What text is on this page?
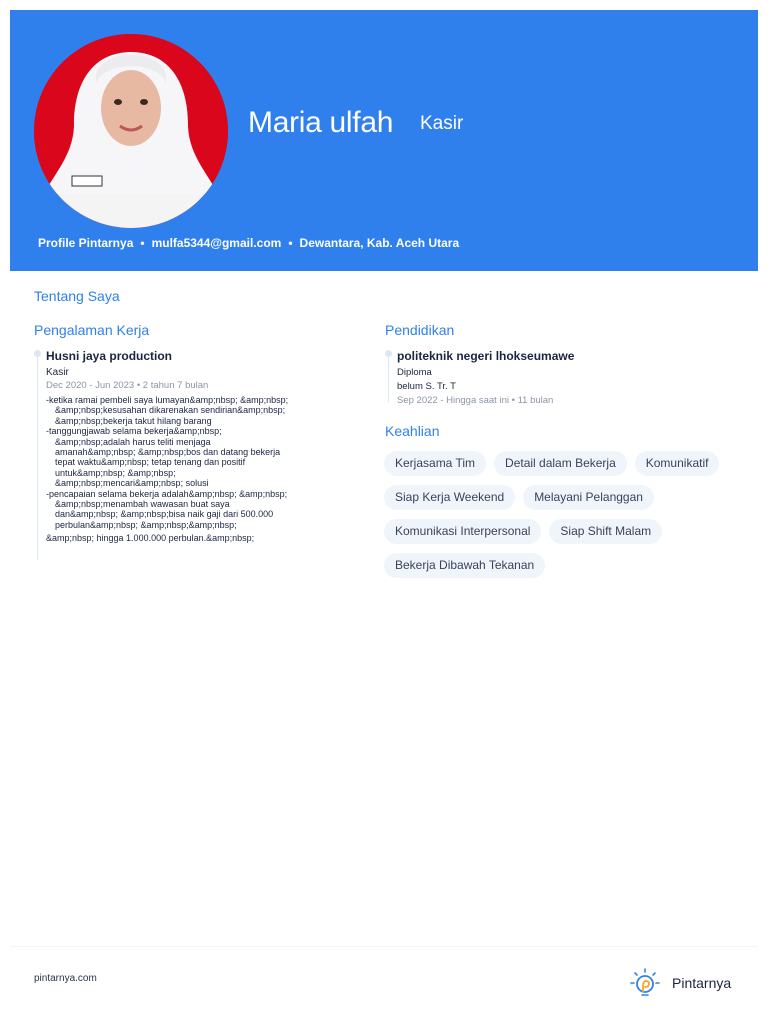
Maria ulfah Kasir
Profile Pintarnya • mulfa5344@gmail.com • Dewantara, Kab. Aceh Utara
Tentang Saya
Pengalaman Kerja	Pendidikan
Keahlian
Husni jaya production
Kasir
Dec 2020 - Jun 2023 • 2 tahun 7 bulan

-ketika ramai pembeli saya lumayan&amp;nbsp; &amp;nbsp;
&amp;nbsp;kesusahan dikarenakan sendirian&amp;nbsp;
&amp;nbsp;bekerja takut hilang barang

-tanggungjawab selama bekerja&amp;nbsp;
&amp;nbsp;adalah harus teliti menjaga
amanah&amp;nbsp; &amp;nbsp;bos dan datang bekerja
tepat waktu&amp;nbsp; tetap tenang dan positif
untuk&amp;nbsp; &amp;nbsp;
&amp;nbsp;mencari&amp;nbsp; solusi

-pencapaian selama bekerja adalah&amp;nbsp; &amp;nbsp;
&amp;nbsp;menambah wawasan buat saya
dan&amp;nbsp; &amp;nbsp;bisa naik gaji dari 500.000
perbulan&amp;nbsp; &amp;nbsp;&amp;nbsp;

&amp;nbsp; hingga 1.000.000 perbulan.&amp;nbsp;

politeknik negeri lhokseumawe
Diploma
belum S. Tr. T
Sep 2022 - Hingga saat ini • 11 bulan
Kerjasama Tim	Detail dalam Bekerja	Komunikatif
Siap Kerja Weekend	Melayani Pelanggan
Komunikasi Interpersonal	Siap Shift Malam
Bekerja Dibawah Tekanan
pintarnya.com	Pintarnya
